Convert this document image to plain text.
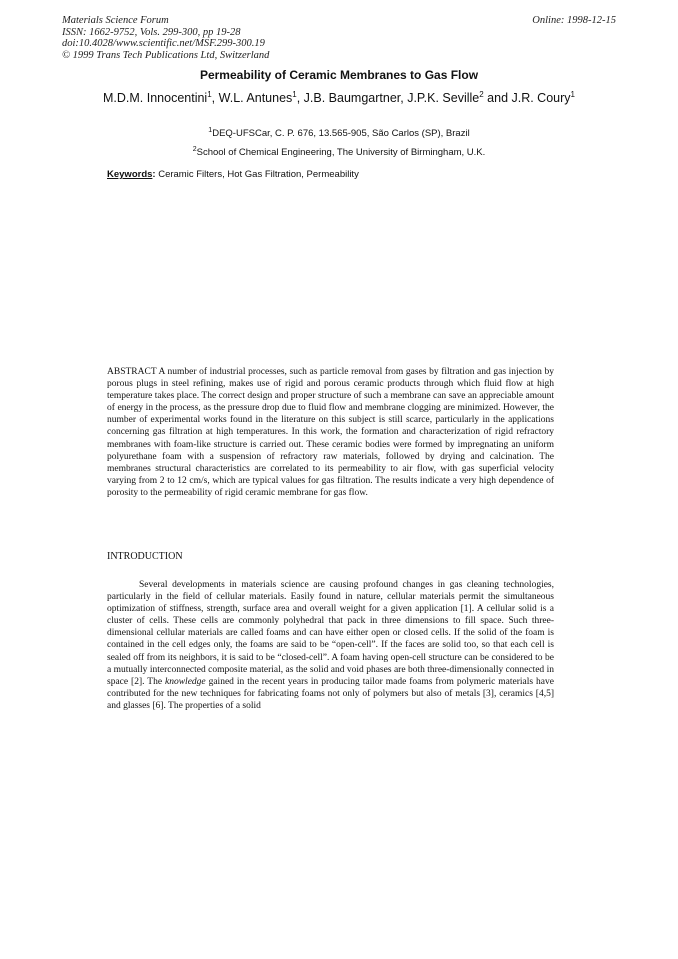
Materials Science Forum
ISSN: 1662-9752, Vols. 299-300, pp 19-28
doi:10.4028/www.scientific.net/MSF.299-300.19
© 1999 Trans Tech Publications Ltd, Switzerland
Online: 1998-12-15
Permeability of Ceramic Membranes to Gas Flow
M.D.M. Innocentini$^1$, W.L. Antunes$^1$, J.B. Baumgartner, J.P.K. Seville$^2$ and J.R. Coury$^1$
$^1$DEQ-UFSCar, C. P. 676, 13.565-905, São Carlos (SP), Brazil
$^2$School of Chemical Engineering, The University of Birmingham, U.K.
Keywords: Ceramic Filters, Hot Gas Filtration, Permeability
ABSTRACT A number of industrial processes, such as particle removal from gases by filtration and gas injection by porous plugs in steel refining, makes use of rigid and porous ceramic products through which fluid flow at high temperature takes place. The correct design and proper structure of such a membrane can save an appreciable amount of energy in the process, as the pressure drop due to fluid flow and membrane clogging are minimized. However, the number of experimental works found in the literature on this subject is still scarce, particularly in the applications concerning gas filtration at high temperatures. In this work, the formation and characterization of rigid refractory membranes with foam-like structure is carried out. These ceramic bodies were formed by impregnating an uniform polyurethane foam with a suspension of refractory raw materials, followed by drying and calcination. The membranes structural characteristics are correlated to its permeability to air flow, with gas superficial velocity varying from 2 to 12 cm/s, which are typical values for gas filtration. The results indicate a very high dependence of porosity to the permeability of rigid ceramic membrane for gas flow.
INTRODUCTION
Several developments in materials science are causing profound changes in gas cleaning technologies, particularly in the field of cellular materials. Easily found in nature, cellular materials permit the simultaneous optimization of stiffness, strength, surface area and overall weight for a given application [1]. A cellular solid is a cluster of cells. These cells are commonly polyhedral that pack in three dimensions to fill space. Such three-dimensional cellular materials are called foams and can have either open or closed cells. If the solid of the foam is contained in the cell edges only, the foams are said to be “open-cell”. If the faces are solid too, so that each cell is sealed off from its neighbors, it is said to be “closed-cell”. A foam having open-cell structure can be considered to be a mutually interconnected composite material, as the solid and void phases are both three-dimensionally connected in space [2]. The knowledge gained in the recent years in producing tailor made foams from polymeric materials have contributed for the new techniques for fabricating foams not only of polymers but also of metals [3], ceramics [4,5] and glasses [6]. The properties of a solid
